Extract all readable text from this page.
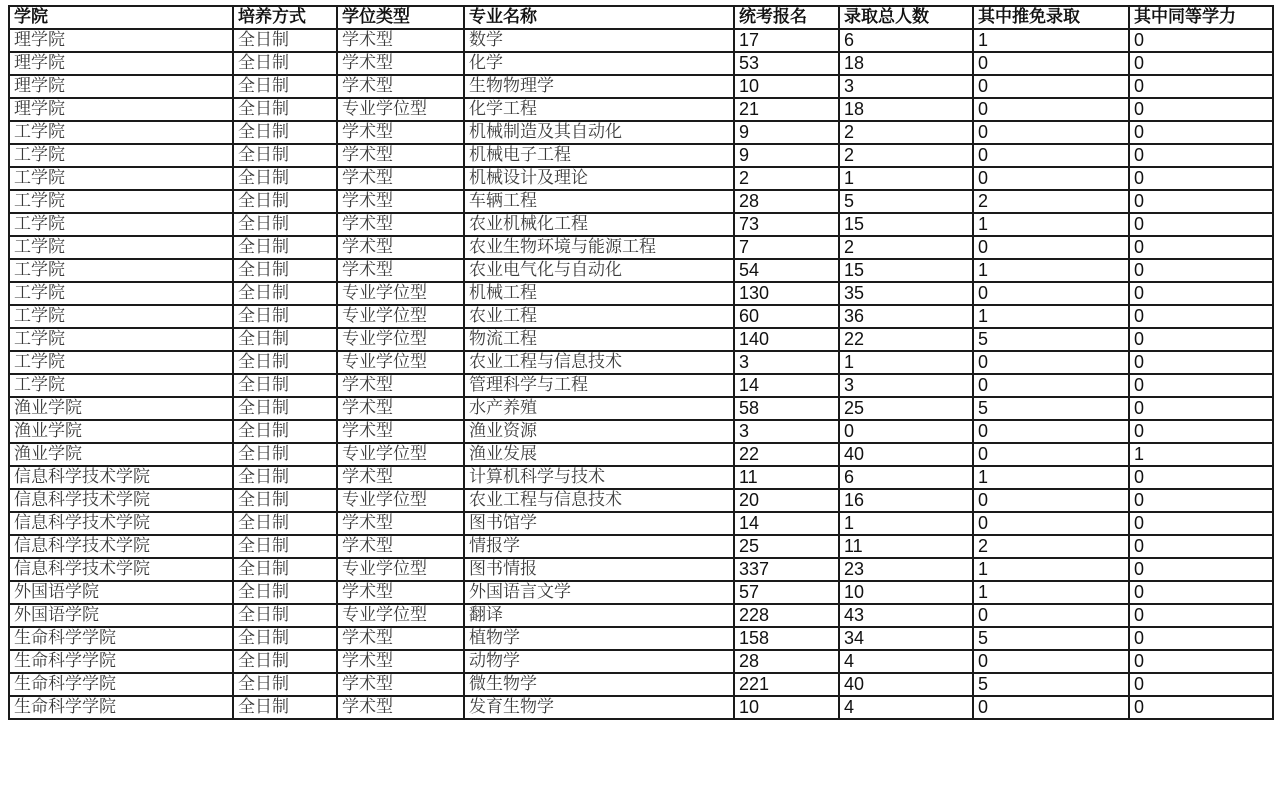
学院	培养方式	学位类型	专业名称	统考报名	录取总人数	其中推免录取	其中同等学力
理学院	全日制	学术型	数学	17	6	1	0
理学院	全日制	学术型	化学	53	18	0	0
理学院	全日制	学术型	生物物理学	10	3	0	0
理学院	全日制	专业学位型	化学工程	21	18	0	0
工学院	全日制	学术型	机械制造及其自动化	9	2	0	0
工学院	全日制	学术型	机械电子工程	9	2	0	0
工学院	全日制	学术型	机械设计及理论	2	1	0	0
工学院	全日制	学术型	车辆工程	28	5	2	0
工学院	全日制	学术型	农业机械化工程	73	15	1	0
工学院	全日制	学术型	农业生物环境与能源工程	7	2	0	0
工学院	全日制	学术型	农业电气化与自动化	54	15	1	0
工学院	全日制	专业学位型	机械工程	130	35	0	0
工学院	全日制	专业学位型	农业工程	60	36	1	0
工学院	全日制	专业学位型	物流工程	140	22	5	0
工学院	全日制	专业学位型	农业工程与信息技术	3	1	0	0
工学院	全日制	学术型	管理科学与工程	14	3	0	0
渔业学院	全日制	学术型	水产养殖	58	25	5	0
渔业学院	全日制	学术型	渔业资源	3	0	0	0
渔业学院	全日制	专业学位型	渔业发展	22	40	0	1
信息科学技术学院	全日制	学术型	计算机科学与技术	11	6	1	0
信息科学技术学院	全日制	专业学位型	农业工程与信息技术	20	16	0	0
信息科学技术学院	全日制	学术型	图书馆学	14	1	0	0
信息科学技术学院	全日制	学术型	情报学	25	11	2	0
信息科学技术学院	全日制	专业学位型	图书情报	337	23	1	0
外国语学院	全日制	学术型	外国语言文学	57	10	1	0
外国语学院	全日制	专业学位型	翻译	228	43	0	0
生命科学学院	全日制	学术型	植物学	158	34	5	0
生命科学学院	全日制	学术型	动物学	28	4	0	0
生命科学学院	全日制	学术型	微生物学	221	40	5	0
生命科学学院	全日制	学术型	发育生物学	10	4	0	0
